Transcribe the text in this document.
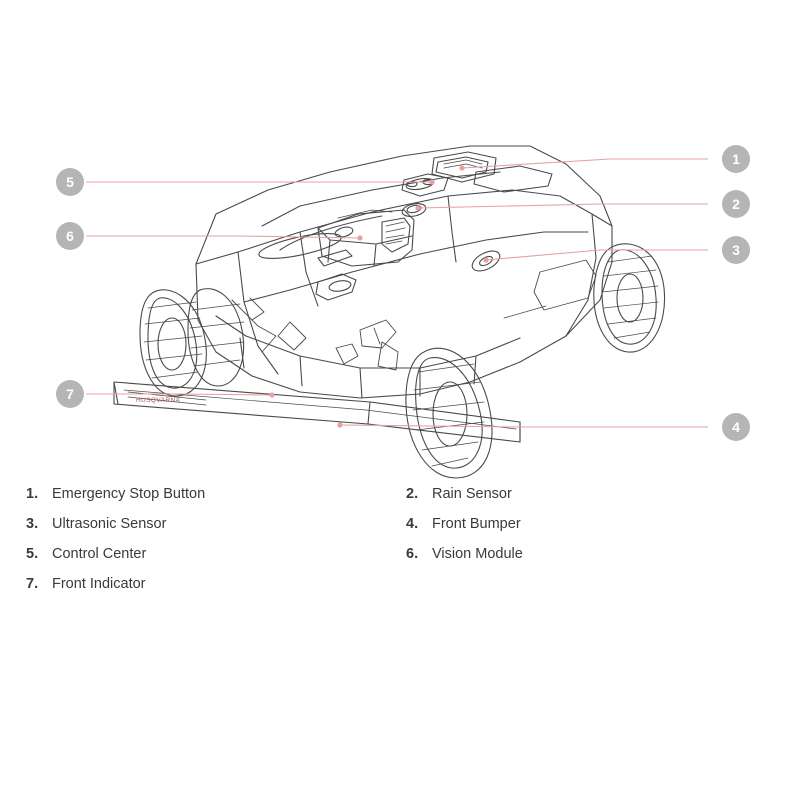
HUSQVARNA
1
2
3
4
5
6
7
1. Emergency Stop Button
3. Ultrasonic Sensor
5. Control Center
7. Front Indicator
2. Rain Sensor
4. Front Bumper
6. Vision Module
